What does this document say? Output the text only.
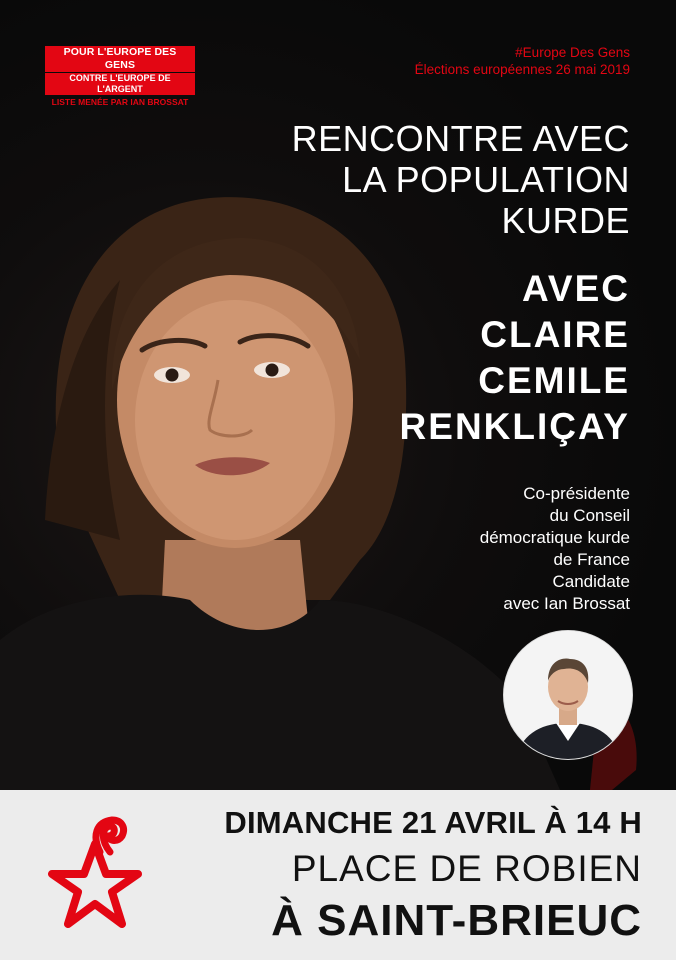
POUR L'EUROPE DES GENS
CONTRE L'EUROPE DE L'ARGENT
LISTE MENÉE PAR IAN BROSSAT
#Europe Des Gens
Élections européennes 26 mai 2019
RENCONTRE AVEC
LA POPULATION
KURDE
AVEC
CLAIRE
CEMILE
RENKLIÇAY
Co-présidente
du Conseil
démocratique kurde
de France
Candidate
avec Ian Brossat
DIMANCHE 21 AVRIL À 14 H
PLACE DE ROBIEN
À SAINT-BRIEUC
